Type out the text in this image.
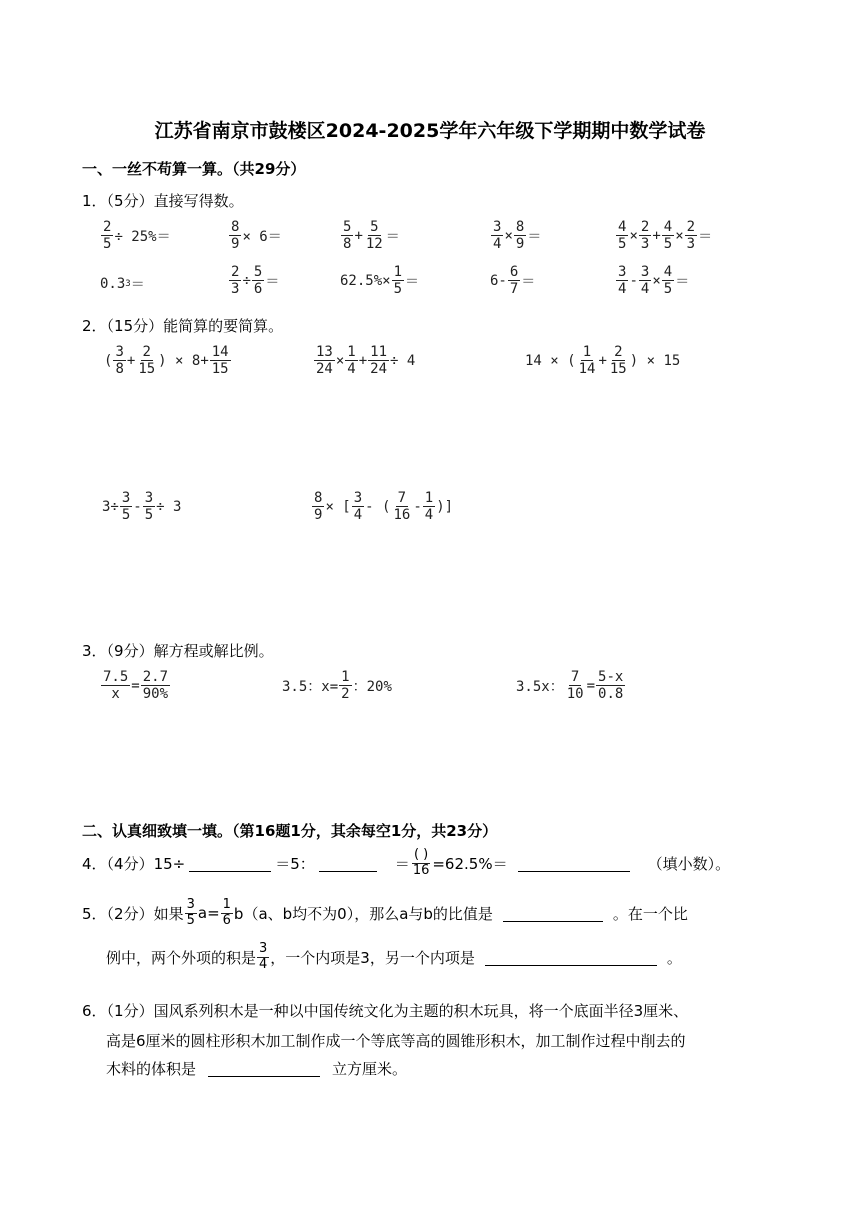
江苏省南京市鼓楼区2024-2025学年六年级下学期期中数学试卷
一、一丝不苟算一算。（共29分）
1．（5分）直接写得数。
$\frac{2}{5} \div 25\%=$	$\frac{8}{9} \times 6=$	$\frac{5}{8} + \frac{5}{12}$ ＝	$\frac{3}{4} \times \frac{8}{9}$ ＝	$\frac{4}{5} \times \frac{2}{3} + \frac{4}{5} \times \frac{2}{3}$ ＝
0.3 3 ＝	$\frac{2}{3} \div \frac{5}{6}$ ＝	$62.5\%\times \frac{1}{5}$ ＝	$6- \frac{6}{7}$ ＝	$\frac{3}{4} - \frac{3}{4} \times \frac{4}{5}$ ＝
2．（15分）能简算的要简算。
( $\frac{3}{8} + \frac{2}{15}$ ) × $8+ \frac{14}{15}$	$\frac{13}{24} \times \frac{1}{4} + \frac{11}{24} \div 4$	14 × ( $\frac{1}{14} + \frac{2}{15}$ ) × 15
$3\div \frac{3}{5} - \frac{3}{5} \div 3$	$\frac{8}{9}$ × [ $\frac{3}{4}$ - ( $\frac{7}{16} - \frac{1}{4}$ )]
3．（9分）解方程或解比例。
$\frac{7.5}{x} = \frac{2.7}{90\%}$	3.5：$x= \frac{1}{2}$ ：20%	3.5x： $\frac{7}{10} = \frac{5-x}{0.8}$
二、认真细致填一填。（第16题1分，其余每空1分，共23分）
4．（4分）15÷	＝5：	＝ $\frac{( )}{16} =62.5\%=$	（填小数）。
5．（2分）如果 $\frac{3}{5} a= \frac{1}{6} b(a$、b均不为0），那么a与b的比值是	。在一个比
例中，两个外项的积是 $\frac{3}{4}$ ，一个内项是3，另一个内项是	。
6．（1分）国风系列积木是一种以中国传统文化为主题的积木玩具，将一个底面半径3厘米、
高是6厘米的圆柱形积木加工制作成一个等底等高的圆锥形积木，加工制作过程中削去的
木料的体积是	立方厘米。
